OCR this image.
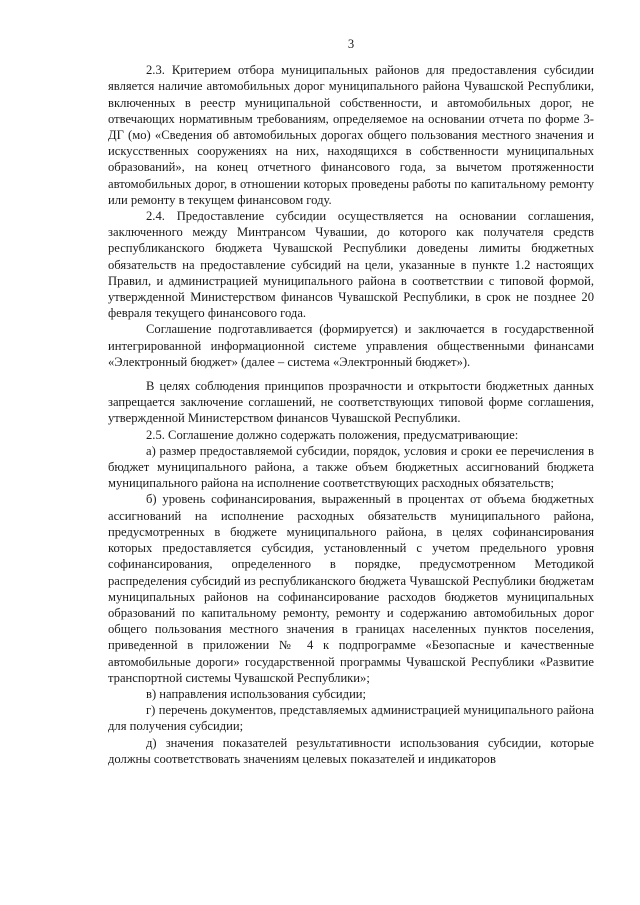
3

2.3. Критерием отбора муниципальных районов для предоставления субсидии является наличие автомобильных дорог муниципального района Чувашской Республики, включенных в реестр муниципальной собственности, и автомобильных дорог, не отвечающих нормативным требованиям, определяемое на основании отчета по форме 3-ДГ (мо) «Сведения об автомобильных дорогах общего пользования местного значения и искусственных сооружениях на них, находящихся в собственности муниципальных образований», на конец отчетного финансового года, за вычетом протяженности автомобильных дорог, в отношении которых проведены работы по капитальному ремонту или ремонту в текущем финансовом году.

2.4. Предоставление субсидии осуществляется на основании соглашения, заключенного между Минтрансом Чувашии, до которого как получателя средств республиканского бюджета Чувашской Республики доведены лимиты бюджетных обязательств на предоставление субсидий на цели, указанные в пункте 1.2 настоящих Правил, и администрацией муниципального района в соответствии с типовой формой, утвержденной Министерством финансов Чувашской Республики, в срок не позднее 20 февраля текущего финансового года.

Соглашение подготавливается (формируется) и заключается в государственной интегрированной информационной системе управления общественными финансами «Электронный бюджет» (далее – система «Электронный бюджет»).

В целях соблюдения принципов прозрачности и открытости бюджетных данных запрещается заключение соглашений, не соответствующих типовой форме соглашения, утвержденной Министерством финансов Чувашской Республики.

2.5. Соглашение должно содержать положения, предусматривающие:

а) размер предоставляемой субсидии, порядок, условия и сроки ее перечисления в бюджет муниципального района, а также объем бюджетных ассигнований бюджета муниципального района на исполнение соответствующих расходных обязательств;

б) уровень софинансирования, выраженный в процентах от объема бюджетных ассигнований на исполнение расходных обязательств муниципального района, предусмотренных в бюджете муниципального района, в целях софинансирования которых предоставляется субсидия, установленный с учетом предельного уровня софинансирования, определенного в порядке, предусмотренном Методикой распределения субсидий из республиканского бюджета Чувашской Республики бюджетам муниципальных районов на софинансирование расходов бюджетов муниципальных образований по капитальному ремонту, ремонту и содержанию автомобильных дорог общего пользования местного значения в границах населенных пунктов поселения, приведенной в приложении № 4 к подпрограмме «Безопасные и качественные автомобильные дороги» государственной программы Чувашской Республики «Развитие транспортной системы Чувашской Республики»;

в) направления использования субсидии;

г) перечень документов, представляемых администрацией муниципального района для получения субсидии;

д) значения показателей результативности использования субсидии, которые должны соответствовать значениям целевых показателей и индикаторов
